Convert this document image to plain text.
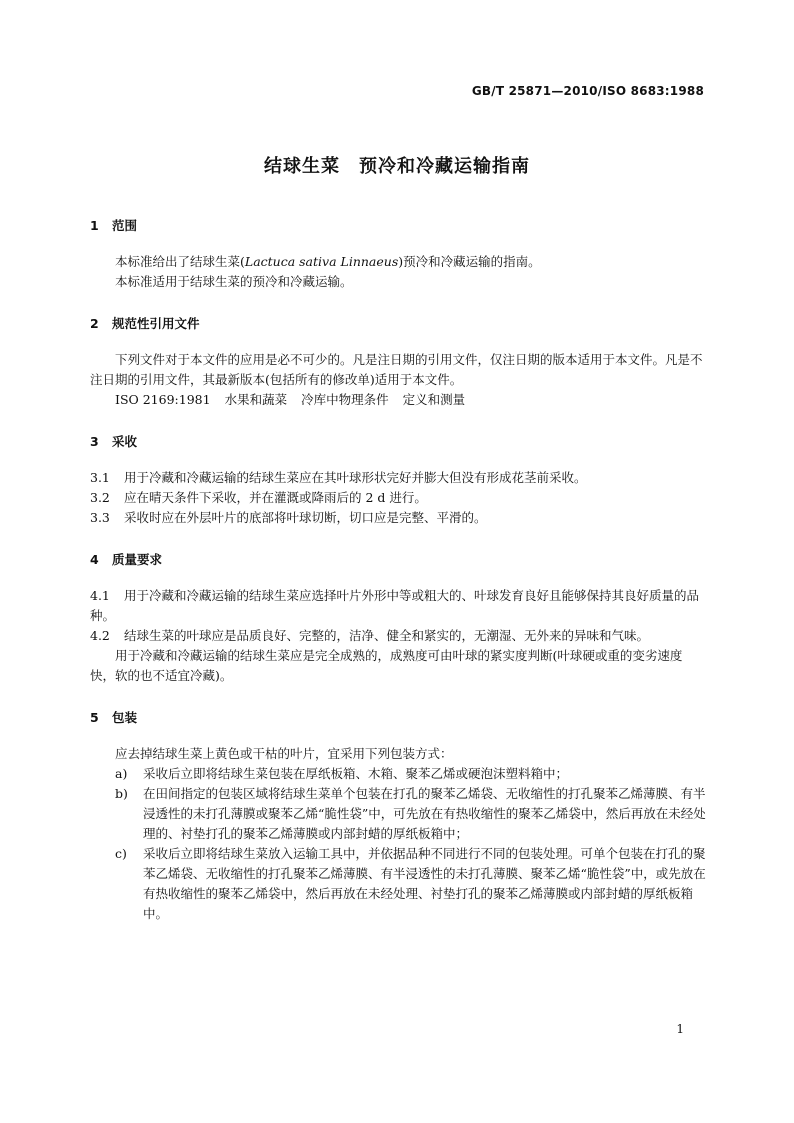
GB/T 25871—2010/ISO 8683:1988
结球生菜　预冷和冷藏运输指南
1	范围

本标准给出了结球生菜(Lactuca sativa Linnaeus)预冷和冷藏运输的指南。

本标准适用于结球生菜的预冷和冷藏运输。

2	规范性引用文件

下列文件对于本文件的应用是必不可少的。凡是注日期的引用文件，仅注日期的版本适用于本文件。凡是不注日期的引用文件，其最新版本(包括所有的修改单)适用于本文件。

ISO 2169:1981 水果和蔬菜 冷库中物理条件 定义和测量

3	采收
3.1	用于冷藏和冷藏运输的结球生菜应在其叶球形状完好并膨大但没有形成花茎前采收。
3.2	应在晴天条件下采收，并在灌溉或降雨后的 2 d 进行。
3.3	采收时应在外层叶片的底部将叶球切断，切口应是完整、平滑的。
4	质量要求

4.1 用于冷藏和冷藏运输的结球生菜应选择叶片外形中等或粗大的、叶球发育良好且能够保持其良好质量的品种。

4.2 结球生菜的叶球应是品质良好、完整的，洁净、健全和紧实的，无潮湿、无外来的异味和气味。

用于冷藏和冷藏运输的结球生菜应是完全成熟的，成熟度可由叶球的紧实度判断(叶球硬或重的变劣速度快，软的也不适宜冷藏)。

5	包装

应去掉结球生菜上黄色或干枯的叶片，宜采用下列包装方式：

a)	采收后立即将结球生菜包装在厚纸板箱、木箱、聚苯乙烯或硬泡沫塑料箱中；
b)	在田间指定的包装区域将结球生菜单个包装在打孔的聚苯乙烯袋、无收缩性的打孔聚苯乙烯薄膜、有半浸透性的未打孔薄膜或聚苯乙烯“脆性袋”中，可先放在有热收缩性的聚苯乙烯袋中，然后再放在未经处理的、衬垫打孔的聚苯乙烯薄膜或内部封蜡的厚纸板箱中；
c)	采收后立即将结球生菜放入运输工具中，并依据品种不同进行不同的包装处理。可单个包装在打孔的聚苯乙烯袋、无收缩性的打孔聚苯乙烯薄膜、有半浸透性的未打孔薄膜、聚苯乙烯“脆性袋”中，或先放在有热收缩性的聚苯乙烯袋中，然后再放在未经处理、衬垫打孔的聚苯乙烯薄膜或内部封蜡的厚纸板箱中。
1
